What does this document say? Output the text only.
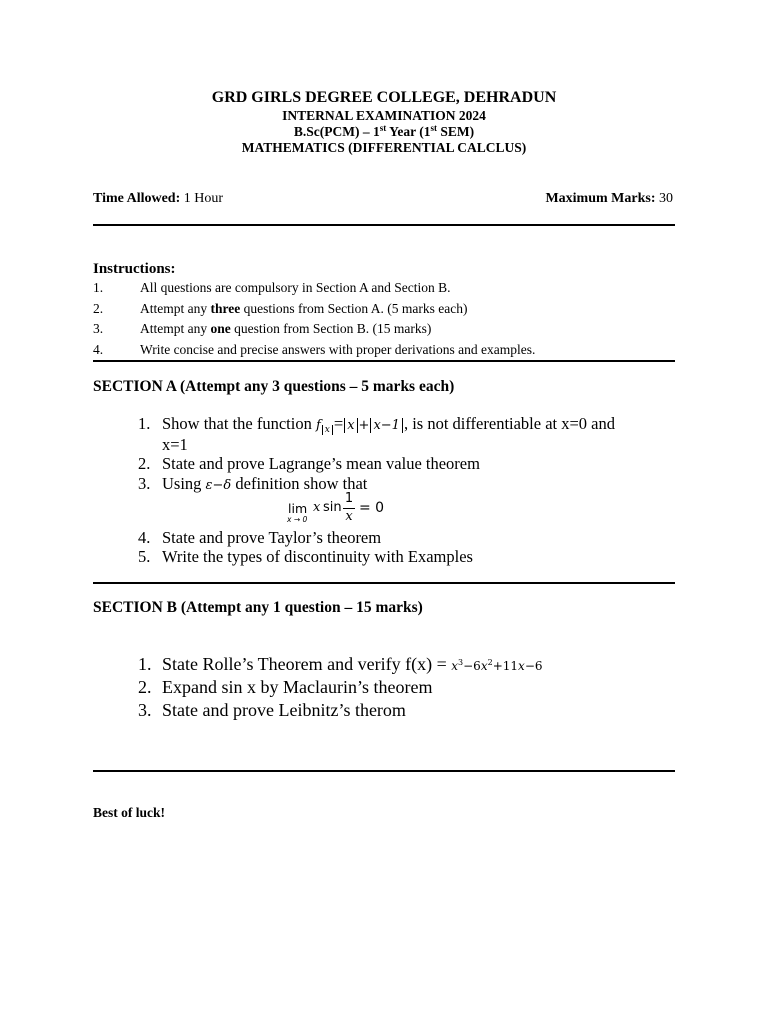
GRD GIRLS DEGREE COLLEGE, DEHRADUN
INTERNAL EXAMINATION 2024
B.Sc(PCM) – 1st Year (1st SEM)
MATHEMATICS (DIFFERENTIAL CALCLUS)
Time Allowed: 1 Hour	Maximum Marks: 30
Instructions:
1.	All questions are compulsory in Section A and Section B.
2.	Attempt any three questions from Section A. (5 marks each)
3.	Attempt any one question from Section B. (15 marks)
4.	Write concise and precise answers with proper derivations and examples.
SECTION A (Attempt any 3 questions – 5 marks each)
1. Show that the function f x = x + x−1 , is not differentiable at x=0 and
x=1
2. State and prove Lagrange’s mean value theorem
3. Using ε−δ definition show that
lim
x → 0
x sin
1
x
= 0
4. State and prove Taylor’s theorem
5. Write the types of discontinuity with Examples
SECTION B (Attempt any 1 question – 15 marks)
1. State Rolle’s Theorem and verify $f(x) = x^3-6x^2+11x-6$
2. Expand sin x by Maclaurin’s theorem
3. State and prove Leibnitz’s therom
Best of luck!
